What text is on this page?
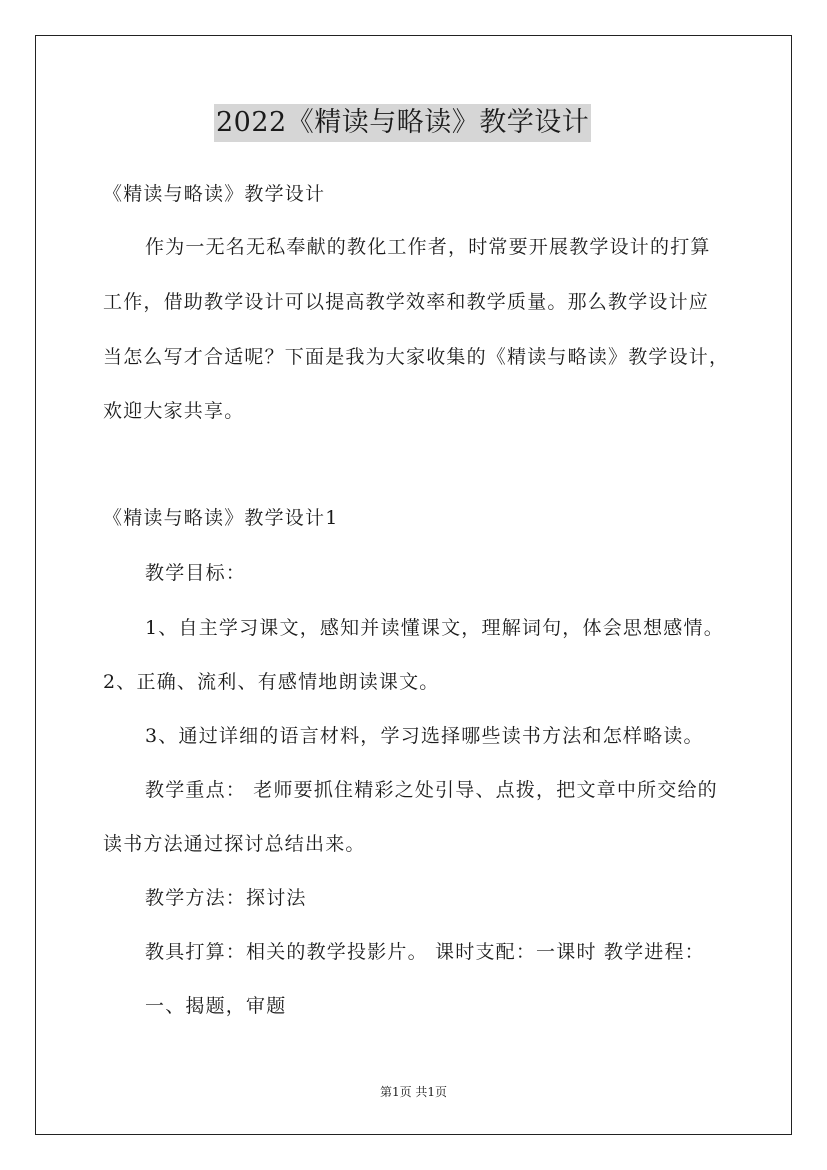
2022《精读与略读》教学设计
《精读与略读》教学设计
作为一无名无私奉献的教化工作者，时常要开展教学设计的打算
工作，借助教学设计可以提高教学效率和教学质量。那么教学设计应
当怎么写才合适呢？下面是我为大家收集的《精读与略读》教学设计，
欢迎大家共享。
《精读与略读》教学设计1
教学目标：
1、自主学习课文，感知并读懂课文，理解词句，体会思想感情。
2、正确、流利、有感情地朗读课文。
3、通过详细的语言材料，学习选择哪些读书方法和怎样略读。
教学重点： 老师要抓住精彩之处引导、点拨，把文章中所交给的
读书方法通过探讨总结出来。
教学方法：探讨法
教具打算：相关的教学投影片。 课时支配：一课时 教学进程：
一、揭题，审题
第1页 共1页
